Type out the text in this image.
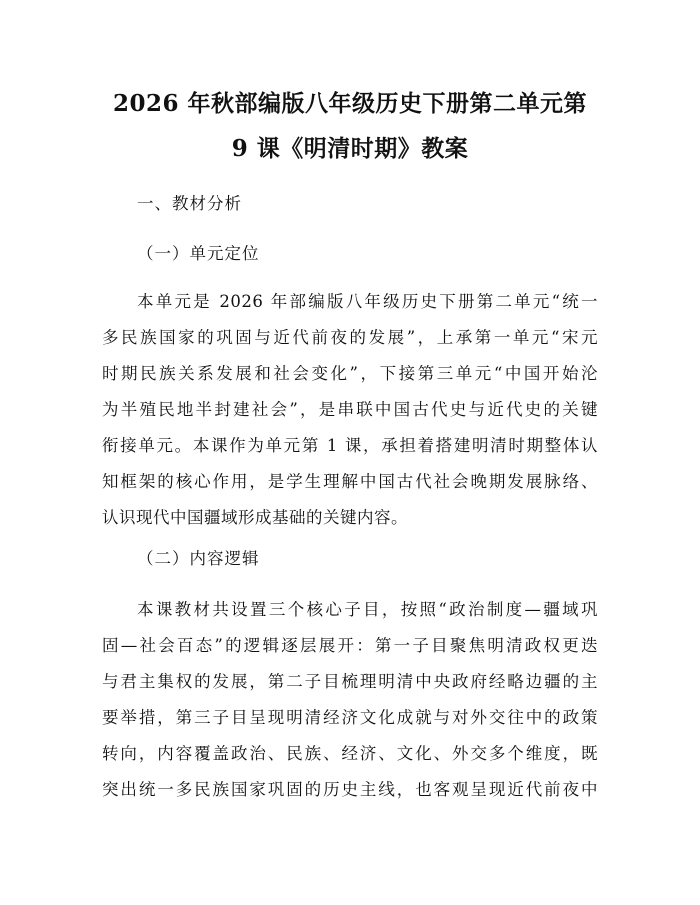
2026 年秋部编版八年级历史下册第二单元第
9 课《明清时期》教案
一、教材分析
（一）单元定位
本单元是 2026 年部编版八年级历史下册第二单元“统一
多民族国家的巩固与近代前夜的发展”，上承第一单元“宋元
时期民族关系发展和社会变化”，下接第三单元“中国开始沦
为半殖民地半封建社会”，是串联中国古代史与近代史的关键
衔接单元。本课作为单元第 1 课，承担着搭建明清时期整体认
知框架的核心作用，是学生理解中国古代社会晚期发展脉络、
认识现代中国疆域形成基础的关键内容。
（二）内容逻辑
本课教材共设置三个核心子目，按照“政治制度—疆域巩
固—社会百态”的逻辑逐层展开：第一子目聚焦明清政权更迭
与君主集权的发展，第二子目梳理明清中央政府经略边疆的主
要举措，第三子目呈现明清经济文化成就与对外交往中的政策
转向，内容覆盖政治、民族、经济、文化、外交多个维度，既
突出统一多民族国家巩固的历史主线，也客观呈现近代前夜中
